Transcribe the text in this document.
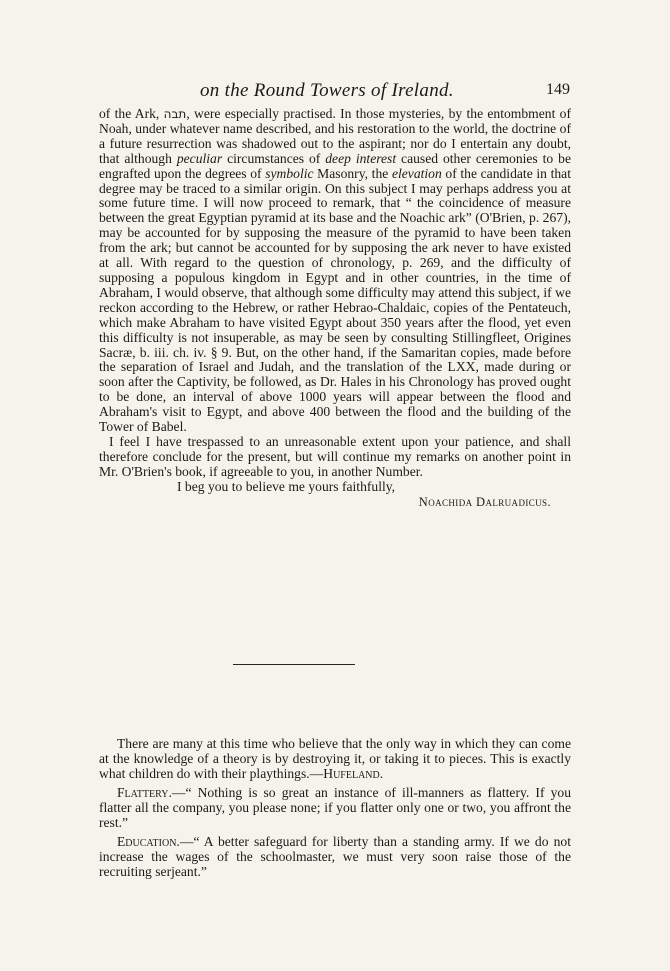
on the Round Towers of Ireland.	149

of the Ark, תבה, were especially practised. In those mysteries, by the entombment of Noah, under whatever name described, and his restoration to the world, the doctrine of a future resurrection was shadowed out to the aspirant; nor do I entertain any doubt, that although peculiar circumstances of deep interest caused other ceremonies to be engrafted upon the degrees of symbolic Masonry, the elevation of the candidate in that degree may be traced to a similar origin. On this subject I may perhaps address you at some future time. I will now proceed to remark, that “ the coincidence of measure between the great Egyptian pyramid at its base and the Noachic ark” (O'Brien, p. 267), may be accounted for by supposing the measure of the pyramid to have been taken from the ark; but cannot be accounted for by supposing the ark never to have existed at all. With regard to the question of chronology, p. 269, and the difficulty of supposing a populous kingdom in Egypt and in other countries, in the time of Abraham, I would observe, that although some difficulty may attend this subject, if we reckon according to the Hebrew, or rather Hebrao-Chaldaic, copies of the Pentateuch, which make Abraham to have visited Egypt about 350 years after the flood, yet even this difficulty is not insuperable, as may be seen by consulting Stillingfleet, Origines Sacræ, b. iii. ch. iv. § 9. But, on the other hand, if the Samaritan copies, made before the separation of Israel and Judah, and the translation of the LXX, made during or soon after the Captivity, be followed, as Dr. Hales in his Chronology has proved ought to be done, an interval of above 1000 years will appear between the flood and Abraham's visit to Egypt, and above 400 between the flood and the building of the Tower of Babel.

I feel I have trespassed to an unreasonable extent upon your patience, and shall therefore conclude for the present, but will continue my remarks on another point in Mr. O'Brien's book, if agreeable to you, in another Number.

I beg you to believe me yours faithfully,

Noachida Dalruadicus.

There are many at this time who believe that the only way in which they can come at the knowledge of a theory is by destroying it, or taking it to pieces. This is exactly what children do with their playthings.—Hufeland.

Flattery.—“ Nothing is so great an instance of ill-manners as flattery. If you flatter all the company, you please none; if you flatter only one or two, you affront the rest.”

Education.—“ A better safeguard for liberty than a standing army. If we do not increase the wages of the schoolmaster, we must very soon raise those of the recruiting serjeant.”
